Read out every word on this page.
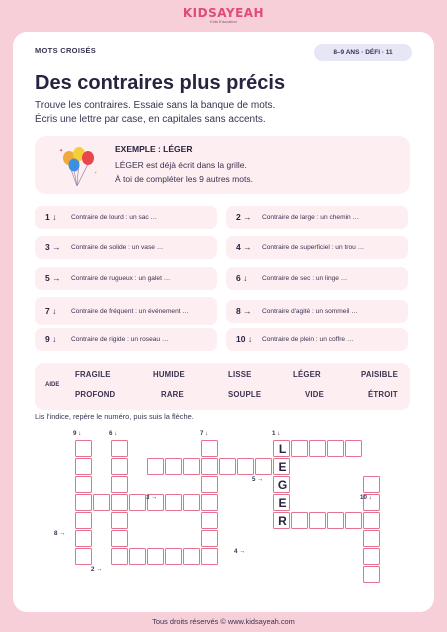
KIDSAYEAH
Kids Education
MOTS CROISÉS	8–9 ANS · DÉFI · 11
Des contraires plus précis
Trouve les contraires. Essaie sans la banque de mots.
Écris une lettre par case, en capitales sans accents.
✦
✦
EXEMPLE : LÉGER
LÉGER est déjà écrit dans la grille.
À toi de compléter les 9 autres mots.
1 ↓ Contraire de lourd : un sac …	2 → Contraire de large : un chemin …
3 → Contraire de solide : un vase …	4 → Contraire de superficiel : un trou …
5 → Contraire de rugueux : un galet …	6 ↓ Contraire de sec : un linge …
7 ↓ Contraire de fréquent : un événement …	8 → Contraire d'agité : un sommeil …
9 ↓ Contraire de rigide : un roseau …	10 ↓ Contraire de plein : un coffre …
AIDE
FRAGILE	HUMIDE	LISSE	LÉGER	PAISIBLE
PROFOND	RARE	SOUPLE	VIDE	ÉTROIT
Lis l'indice, repère le numéro, puis suis la flèche.
L
E
G
E
R
9 ↓	6 ↓	7 ↓	1 ↓
5 →
3 →	10 ↓
8 →
4 →
2 →
Tous droits réservés © www.kidsayeah.com
